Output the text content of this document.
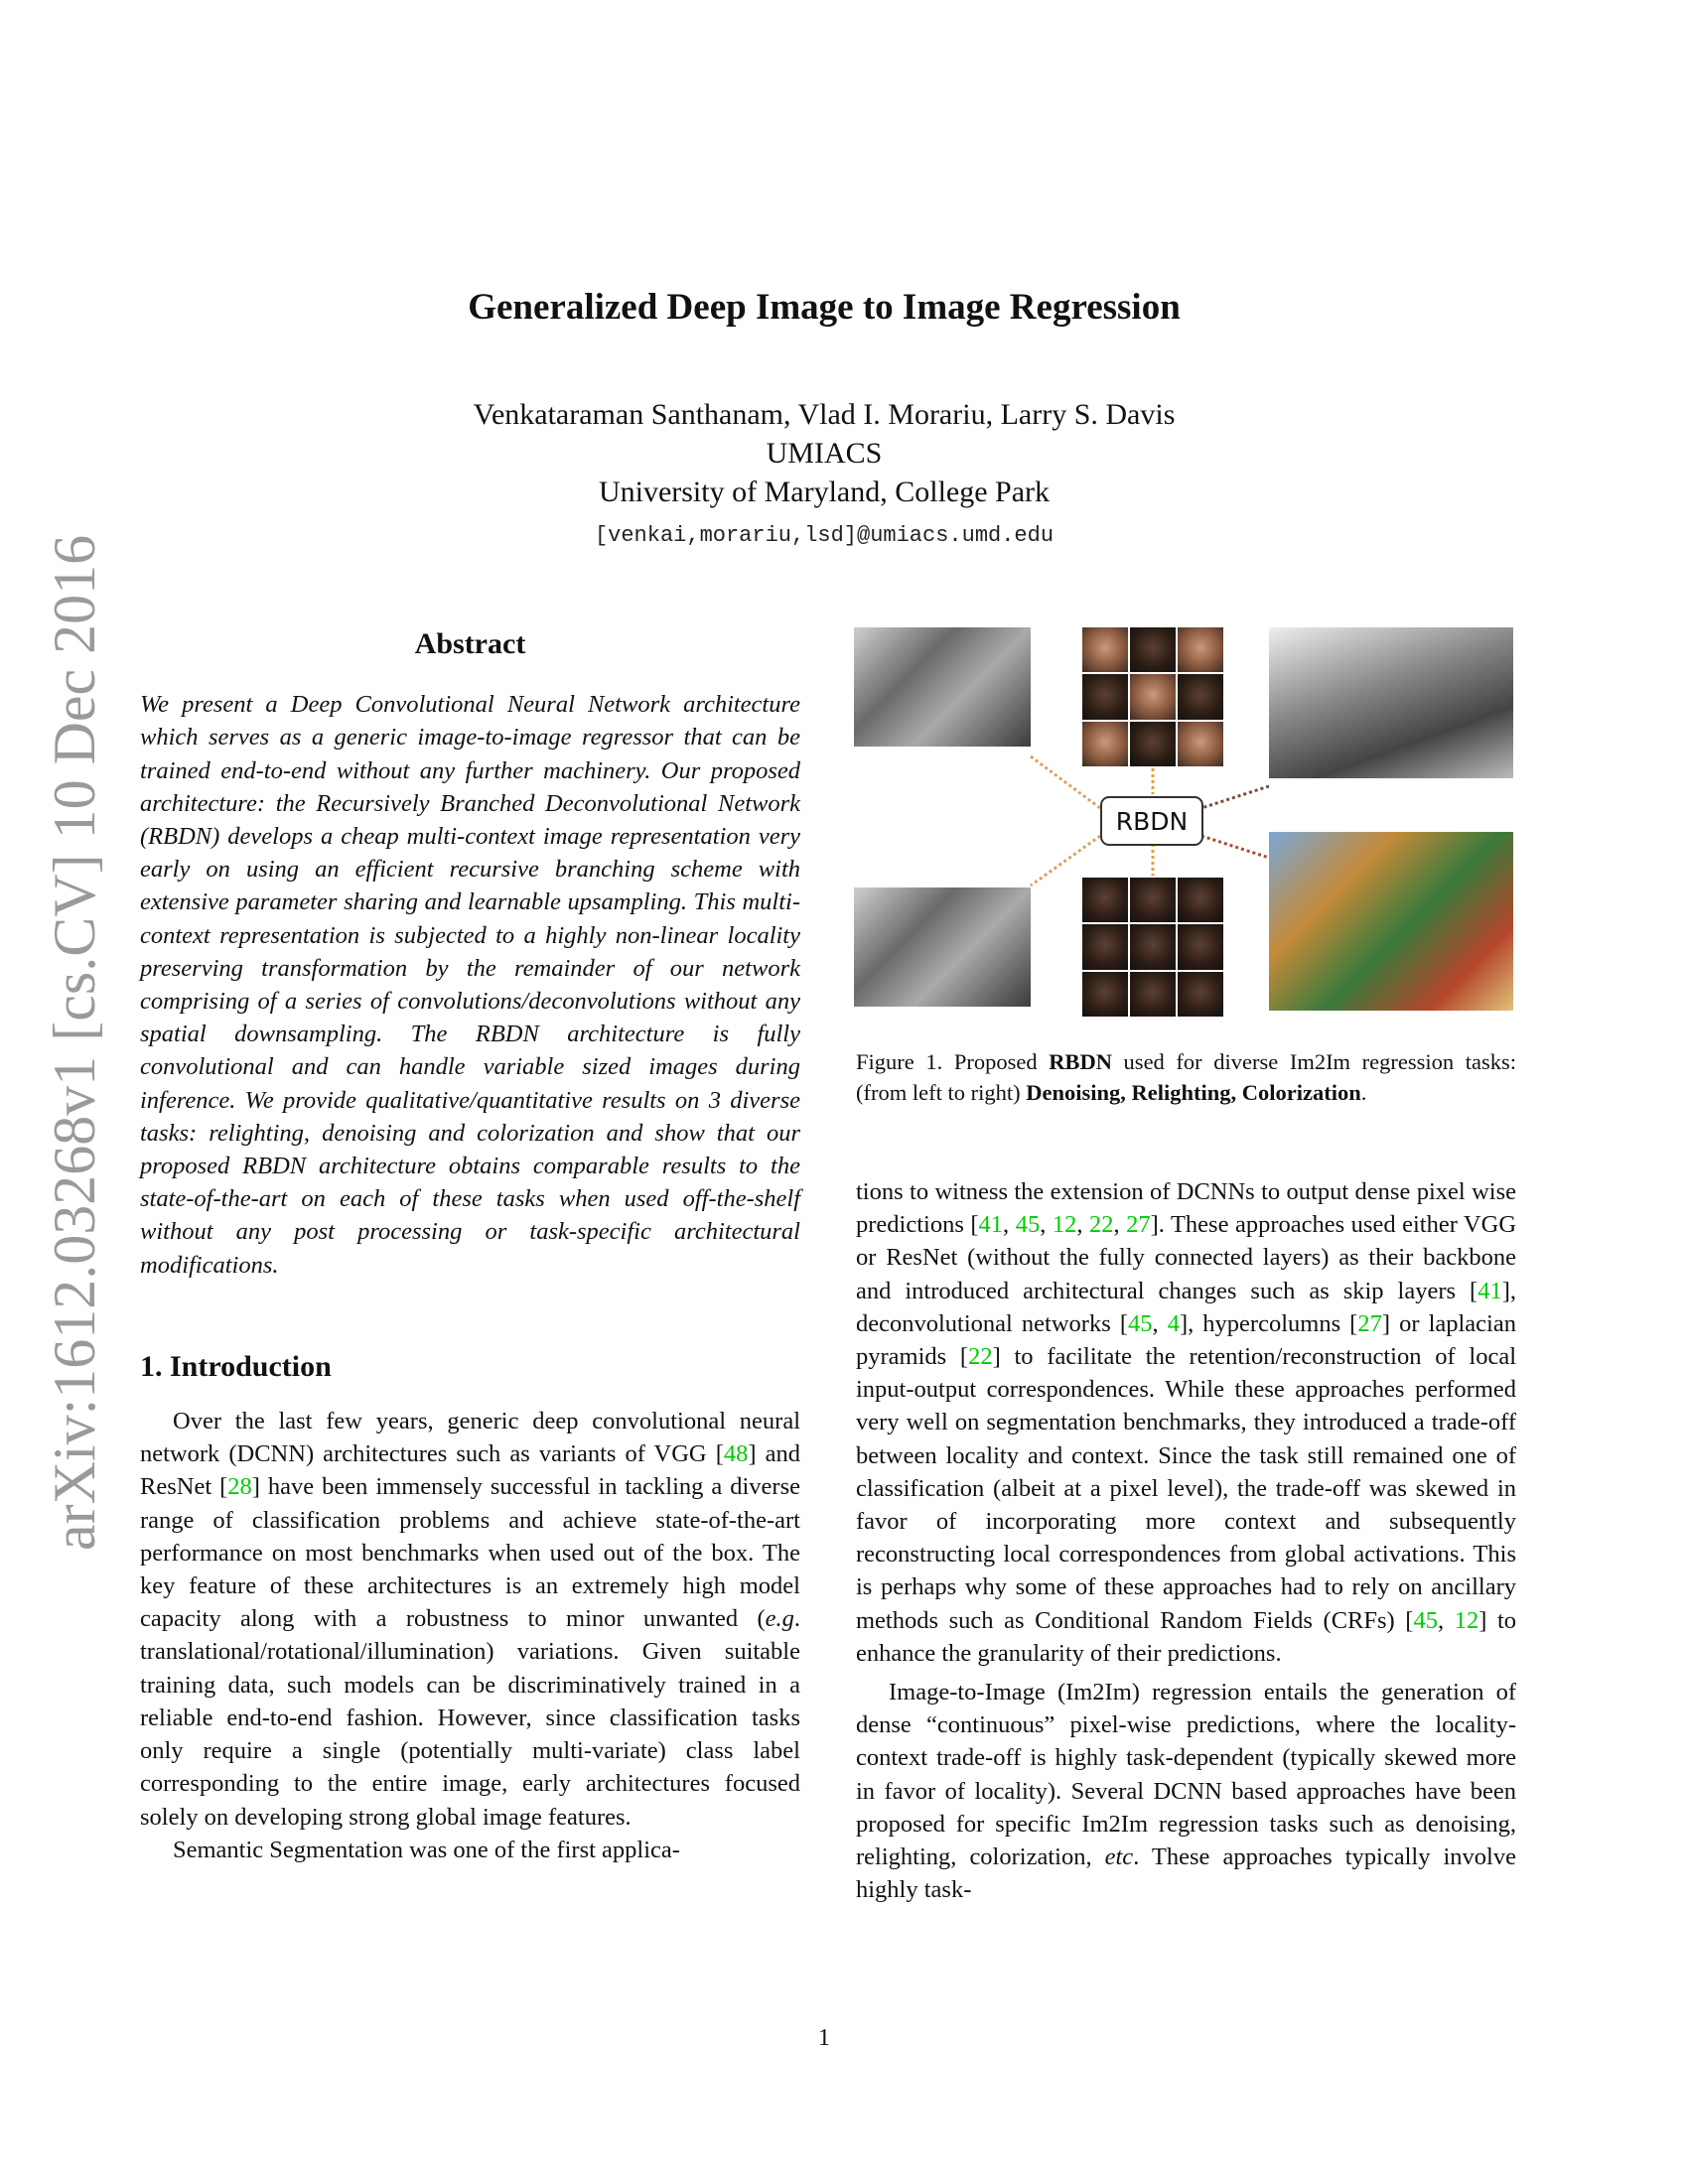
arXiv:1612.03268v1 [cs.CV] 10 Dec 2016
Generalized Deep Image to Image Regression
Venkataraman Santhanam, Vlad I. Morariu, Larry S. Davis
UMIACS
University of Maryland, College Park
[venkai,morariu,lsd]@umiacs.umd.edu
Abstract

We present a Deep Convolutional Neural Network architecture which serves as a generic image-to-image regressor that can be trained end-to-end without any further machinery. Our proposed architecture: the Recursively Branched Deconvolutional Network (RBDN) develops a cheap multi-context image representation very early on using an efficient recursive branching scheme with extensive parameter sharing and learnable upsampling. This multi-context representation is subjected to a highly non-linear locality preserving transformation by the remainder of our network comprising of a series of convolutions/deconvolutions without any spatial downsampling. The RBDN architecture is fully convolutional and can handle variable sized images during inference. We provide qualitative/quantitative results on 3 diverse tasks: relighting, denoising and colorization and show that our proposed RBDN architecture obtains comparable results to the state-of-the-art on each of these tasks when used off-the-shelf without any post processing or task-specific architectural modifications.

1. Introduction

Over the last few years, generic deep convolutional neural network (DCNN) architectures such as variants of VGG [48] and ResNet [28] have been immensely successful in tackling a diverse range of classification problems and achieve state-of-the-art performance on most benchmarks when used out of the box. The key feature of these architectures is an extremely high model capacity along with a robustness to minor unwanted (e.g. translational/rotational/illumination) variations. Given suitable training data, such models can be discriminatively trained in a reliable end-to-end fashion. However, since classification tasks only require a single (potentially multi-variate) class label corresponding to the entire image, early architectures focused solely on developing strong global image features.

Semantic Segmentation was one of the first applica-

RBDN
Figure 1. Proposed RBDN used for diverse Im2Im regression tasks: (from left to right) Denoising, Relighting, Colorization.

tions to witness the extension of DCNNs to output dense pixel wise predictions [41, 45, 12, 22, 27]. These approaches used either VGG or ResNet (without the fully connected layers) as their backbone and introduced architectural changes such as skip layers [41], deconvolutional networks [45, 4], hypercolumns [27] or laplacian pyramids [22] to facilitate the retention/reconstruction of local input-output correspondences. While these approaches performed very well on segmentation benchmarks, they introduced a trade-off between locality and context. Since the task still remained one of classification (albeit at a pixel level), the trade-off was skewed in favor of incorporating more context and subsequently reconstructing local correspondences from global activations. This is perhaps why some of these approaches had to rely on ancillary methods such as Conditional Random Fields (CRFs) [45, 12] to enhance the granularity of their predictions.

Image-to-Image (Im2Im) regression entails the generation of dense “continuous” pixel-wise predictions, where the locality-context trade-off is highly task-dependent (typically skewed more in favor of locality). Several DCNN based approaches have been proposed for specific Im2Im regression tasks such as denoising, relighting, colorization, etc. These approaches typically involve highly task-

1
